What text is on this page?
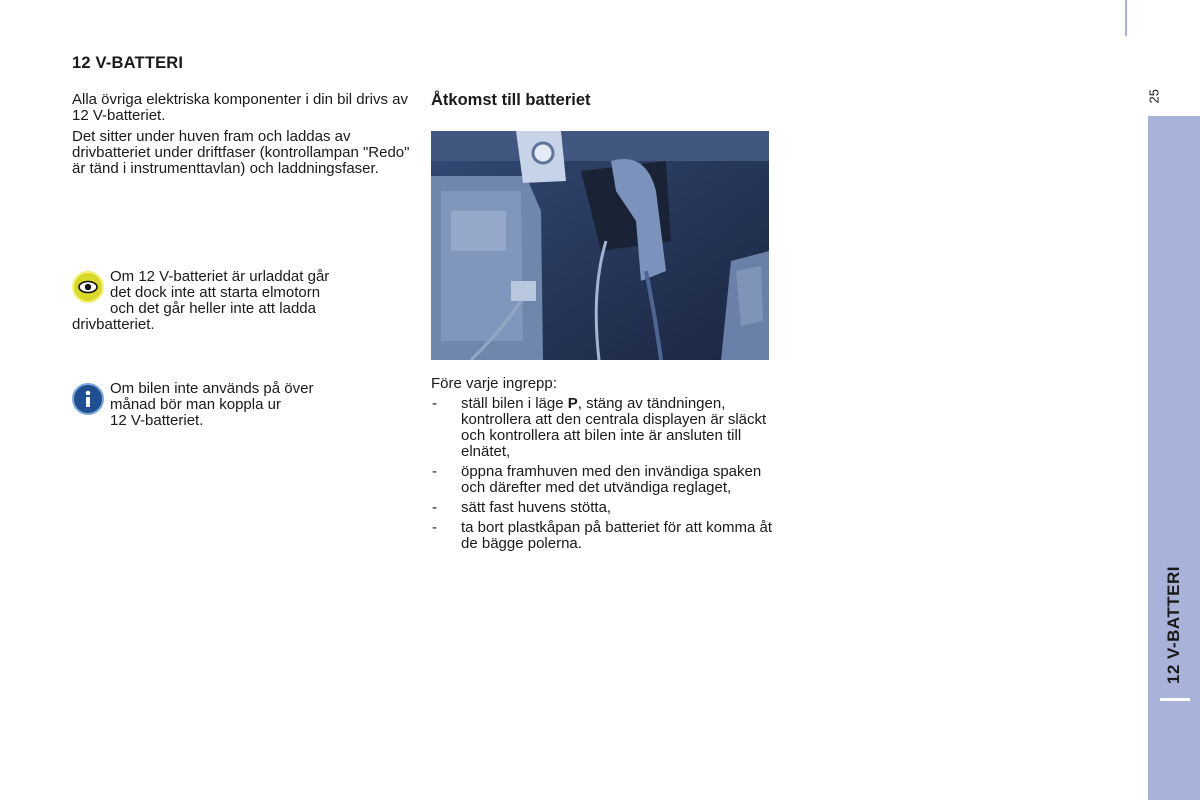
25
12 V-BATTERI
12 V-BATTERI
Alla övriga elektriska komponenter i din bil drivs av 12 V-batteriet.
Det sitter under huven fram och laddas av drivbatteriet under driftfaser (kontrollampan "Redo" är tänd i instrumenttavlan) och laddningsfaser.
Om 12 V-batteriet är urladdat går
det dock inte att starta elmotorn
och det går heller inte att ladda
drivbatteriet.
Om bilen inte används på över
månad bör man koppla ur
12 V-batteriet.
Åtkomst till batteriet
Före varje ingrepp:
- ställ bilen i läge P, stäng av tändningen, kontrollera att den centrala displayen är släckt och kontrollera att bilen inte är ansluten till elnätet,
- öppna framhuven med den invändiga spaken och därefter med det utvändiga reglaget,
- sätt fast huvens stötta,
- ta bort plastkåpan på batteriet för att komma åt de bägge polerna.
